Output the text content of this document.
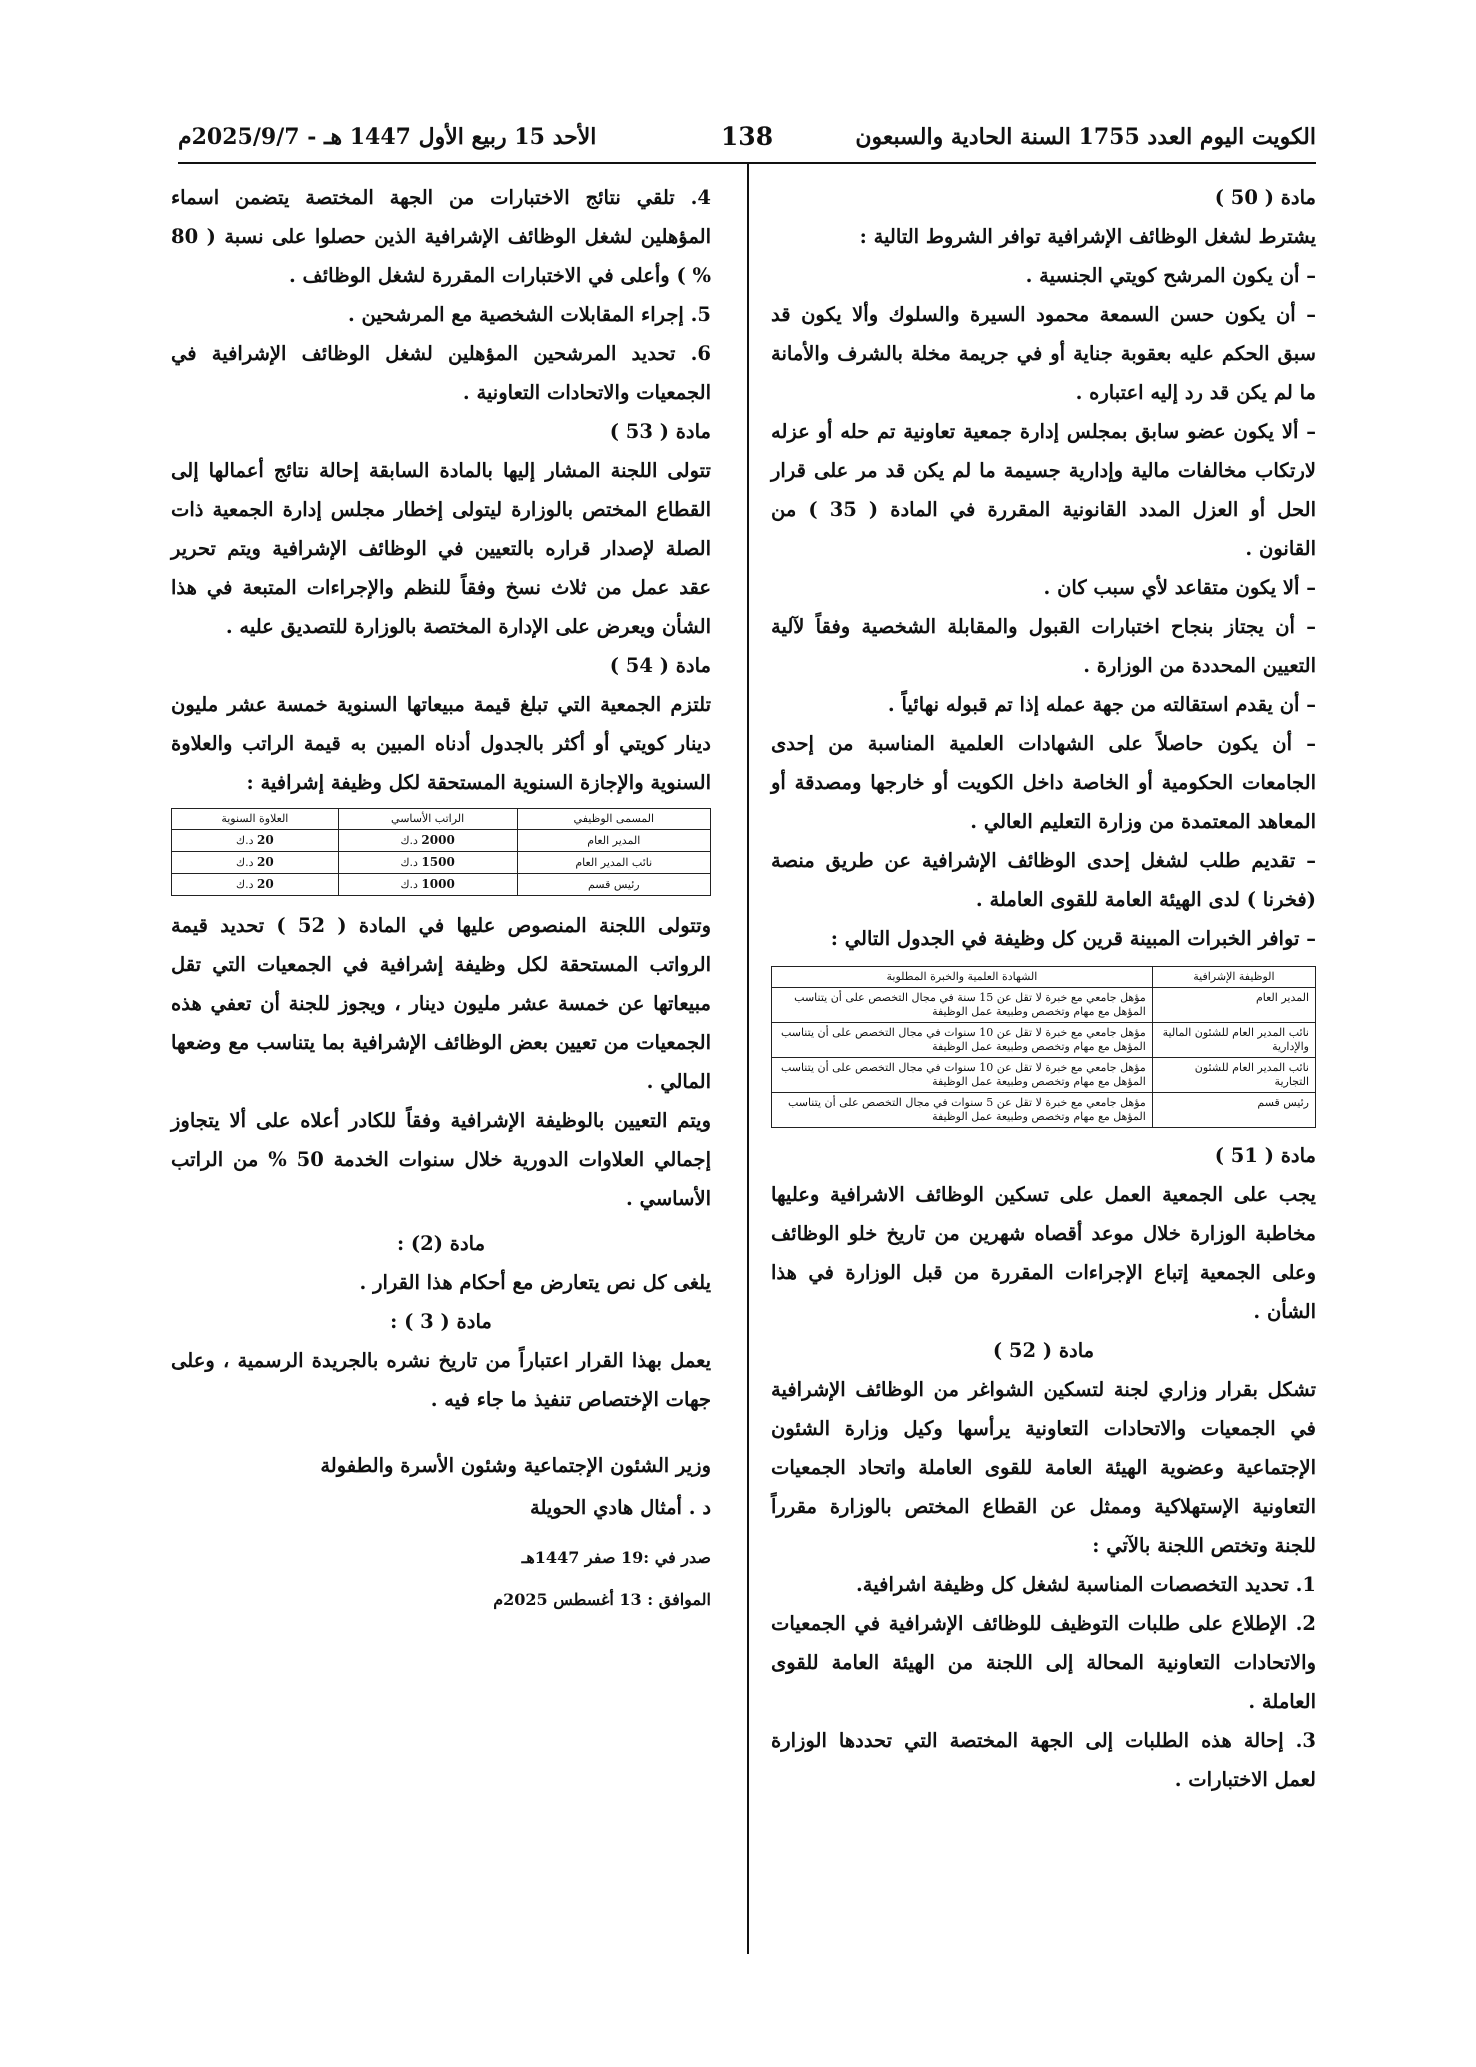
الكويت اليوم العدد 1755 السنة الحادية والسبعون
138
الأحد 15 ربيع الأول 1447 هـ - 2025/9/7م

مادة ( 50 )

يشترط لشغل الوظائف الإشرافية توافر الشروط التالية :

– أن يكون المرشح كويتي الجنسية .

– أن يكون حسن السمعة محمود السيرة والسلوك وألا يكون قد سبق الحكم عليه بعقوبة جناية أو في جريمة مخلة بالشرف والأمانة ما لم يكن قد رد إليه اعتباره .

– ألا يكون عضو سابق بمجلس إدارة جمعية تعاونية تم حله أو عزله لارتكاب مخالفات مالية وإدارية جسيمة ما لم يكن قد مر على قرار الحل أو العزل المدد القانونية المقررة في المادة ( 35 ) من القانون .

– ألا يكون متقاعد لأي سبب كان .

– أن يجتاز بنجاح اختبارات القبول والمقابلة الشخصية وفقاً لآلية التعيين المحددة من الوزارة .

– أن يقدم استقالته من جهة عمله إذا تم قبوله نهائياً .

– أن يكون حاصلاً على الشهادات العلمية المناسبة من إحدى الجامعات الحكومية أو الخاصة داخل الكويت أو خارجها ومصدقة أو المعاهد المعتمدة من وزارة التعليم العالي .

– تقديم طلب لشغل إحدى الوظائف الإشرافية عن طريق منصة (فخرنا ) لدى الهيئة العامة للقوى العاملة .

– توافر الخبرات المبينة قرين كل وظيفة في الجدول التالي :

الوظيفة الإشرافية	الشهادة العلمية والخبرة المطلوبة
المدير العام	مؤهل جامعي مع خبرة لا تقل عن 15 سنة في مجال التخصص على أن يتناسب المؤهل مع مهام وتخصص وطبيعة عمل الوظيفة
نائب المدير العام للشئون المالية والإدارية	مؤهل جامعي مع خبرة لا تقل عن 10 سنوات في مجال التخصص على أن يتناسب المؤهل مع مهام وتخصص وطبيعة عمل الوظيفة
نائب المدير العام للشئون التجارية	مؤهل جامعي مع خبرة لا تقل عن 10 سنوات في مجال التخصص على أن يتناسب المؤهل مع مهام وتخصص وطبيعة عمل الوظيفة
رئيس قسم	مؤهل جامعي مع خبرة لا تقل عن 5 سنوات في مجال التخصص على أن يتناسب المؤهل مع مهام وتخصص وطبيعة عمل الوظيفة

مادة ( 51 )

يجب على الجمعية العمل على تسكين الوظائف الاشرافية وعليها مخاطبة الوزارة خلال موعد أقصاه شهرين من تاريخ خلو الوظائف وعلى الجمعية إتباع الإجراءات المقررة من قبل الوزارة في هذا الشأن .

مادة ( 52 )

تشكل بقرار وزاري لجنة لتسكين الشواغر من الوظائف الإشرافية في الجمعيات والاتحادات التعاونية يرأسها وكيل وزارة الشئون الإجتماعية وعضوية الهيئة العامة للقوى العاملة واتحاد الجمعيات التعاونية الإستهلاكية وممثل عن القطاع المختص بالوزارة مقرراً للجنة وتختص اللجنة بالآتي :

1. تحديد التخصصات المناسبة لشغل كل وظيفة اشرافية.

2. الإطلاع على طلبات التوظيف للوظائف الإشرافية في الجمعيات والاتحادات التعاونية المحالة إلى اللجنة من الهيئة العامة للقوى العاملة .

3. إحالة هذه الطلبات إلى الجهة المختصة التي تحددها الوزارة لعمل الاختبارات .

4. تلقي نتائج الاختبارات من الجهة المختصة يتضمن اسماء المؤهلين لشغل الوظائف الإشرافية الذين حصلوا على نسبة ( 80 % ) وأعلى في الاختبارات المقررة لشغل الوظائف .

5. إجراء المقابلات الشخصية مع المرشحين .

6. تحديد المرشحين المؤهلين لشغل الوظائف الإشرافية في الجمعيات والاتحادات التعاونية .

مادة ( 53 )

تتولى اللجنة المشار إليها بالمادة السابقة إحالة نتائج أعمالها إلى القطاع المختص بالوزارة ليتولى إخطار مجلس إدارة الجمعية ذات الصلة لإصدار قراره بالتعيين في الوظائف الإشرافية ويتم تحرير عقد عمل من ثلاث نسخ وفقاً للنظم والإجراءات المتبعة في هذا الشأن ويعرض على الإدارة المختصة بالوزارة للتصديق عليه .

مادة ( 54 )

تلتزم الجمعية التي تبلغ قيمة مبيعاتها السنوية خمسة عشر مليون دينار كويتي أو أكثر بالجدول أدناه المبين به قيمة الراتب والعلاوة السنوية والإجازة السنوية المستحقة لكل وظيفة إشرافية :

المسمى الوظيفي	الراتب الأساسي	العلاوة السنوية
المدير العام	2000 د.ك	20 د.ك
نائب المدير العام	1500 د.ك	20 د.ك
رئيس قسم	1000 د.ك	20 د.ك

وتتولى اللجنة المنصوص عليها في المادة ( 52 ) تحديد قيمة الرواتب المستحقة لكل وظيفة إشرافية في الجمعيات التي تقل مبيعاتها عن خمسة عشر مليون دينار ، ويجوز للجنة أن تعفي هذه الجمعيات من تعيين بعض الوظائف الإشرافية بما يتناسب مع وضعها المالي .

ويتم التعيين بالوظيفة الإشرافية وفقاً للكادر أعلاه على ألا يتجاوز إجمالي العلاوات الدورية خلال سنوات الخدمة 50 % من الراتب الأساسي .

مادة (2) :

يلغى كل نص يتعارض مع أحكام هذا القرار .

مادة ( 3 ) :

يعمل بهذا القرار اعتباراً من تاريخ نشره بالجريدة الرسمية ، وعلى جهات الإختصاص تنفيذ ما جاء فيه .

وزير الشئون الإجتماعية وشئون الأسرة والطفولة

د . أمثال هادي الحويلة

صدر في :19 صفر 1447هـ

الموافق : 13 أغسطس 2025م
